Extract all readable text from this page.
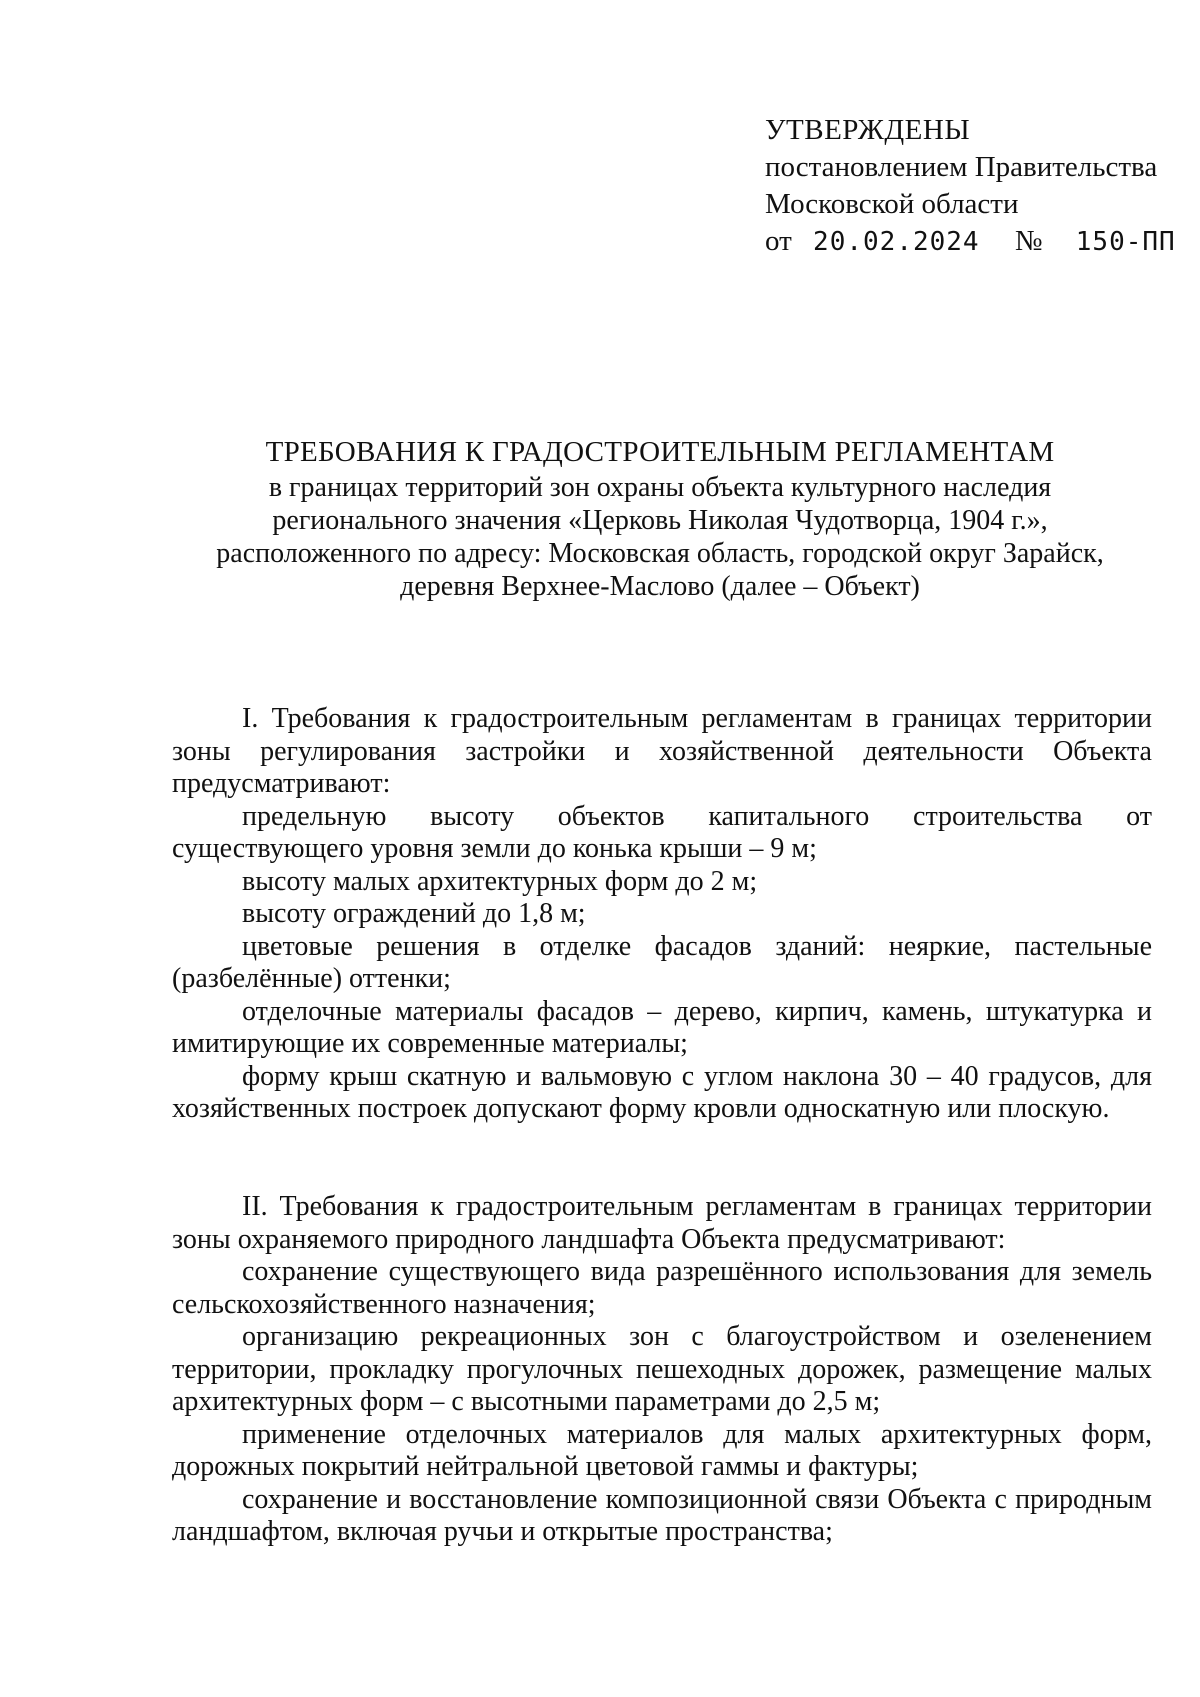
УТВЕРЖДЕНЫ
постановлением Правительства
Московской области
от 20.02.2024 № 150-ПП
ТРЕБОВАНИЯ К ГРАДОСТРОИТЕЛЬНЫМ РЕГЛАМЕНТАМ
в границах территорий зон охраны объекта культурного наследия
регионального значения «Церковь Николая Чудотворца, 1904 г.»,
расположенного по адресу: Московская область, городской округ Зарайск,
деревня Верхнее-Маслово (далее – Объект)

I. Требования к градостроительным регламентам в границах территории зоны регулирования застройки и хозяйственной деятельности Объекта предусматривают:

предельную высоту объектов капитального строительства от существующего уровня земли до конька крыши – 9 м;

высоту малых архитектурных форм до 2 м;

высоту ограждений до 1,8 м;

цветовые решения в отделке фасадов зданий: неяркие, пастельные (разбелённые) оттенки;

отделочные материалы фасадов – дерево, кирпич, камень, штукатурка и имитирующие их современные материалы;

форму крыш скатную и вальмовую с углом наклона 30 – 40 градусов, для хозяйственных построек допускают форму кровли односкатную или плоскую.

II. Требования к градостроительным регламентам в границах территории зоны охраняемого природного ландшафта Объекта предусматривают:

сохранение существующего вида разрешённого использования для земель сельскохозяйственного назначения;

организацию рекреационных зон с благоустройством и озеленением территории, прокладку прогулочных пешеходных дорожек, размещение малых архитектурных форм – с высотными параметрами до 2,5 м;

применение отделочных материалов для малых архитектурных форм, дорожных покрытий нейтральной цветовой гаммы и фактуры;

сохранение и восстановление композиционной связи Объекта с природным ландшафтом, включая ручьи и открытые пространства;
